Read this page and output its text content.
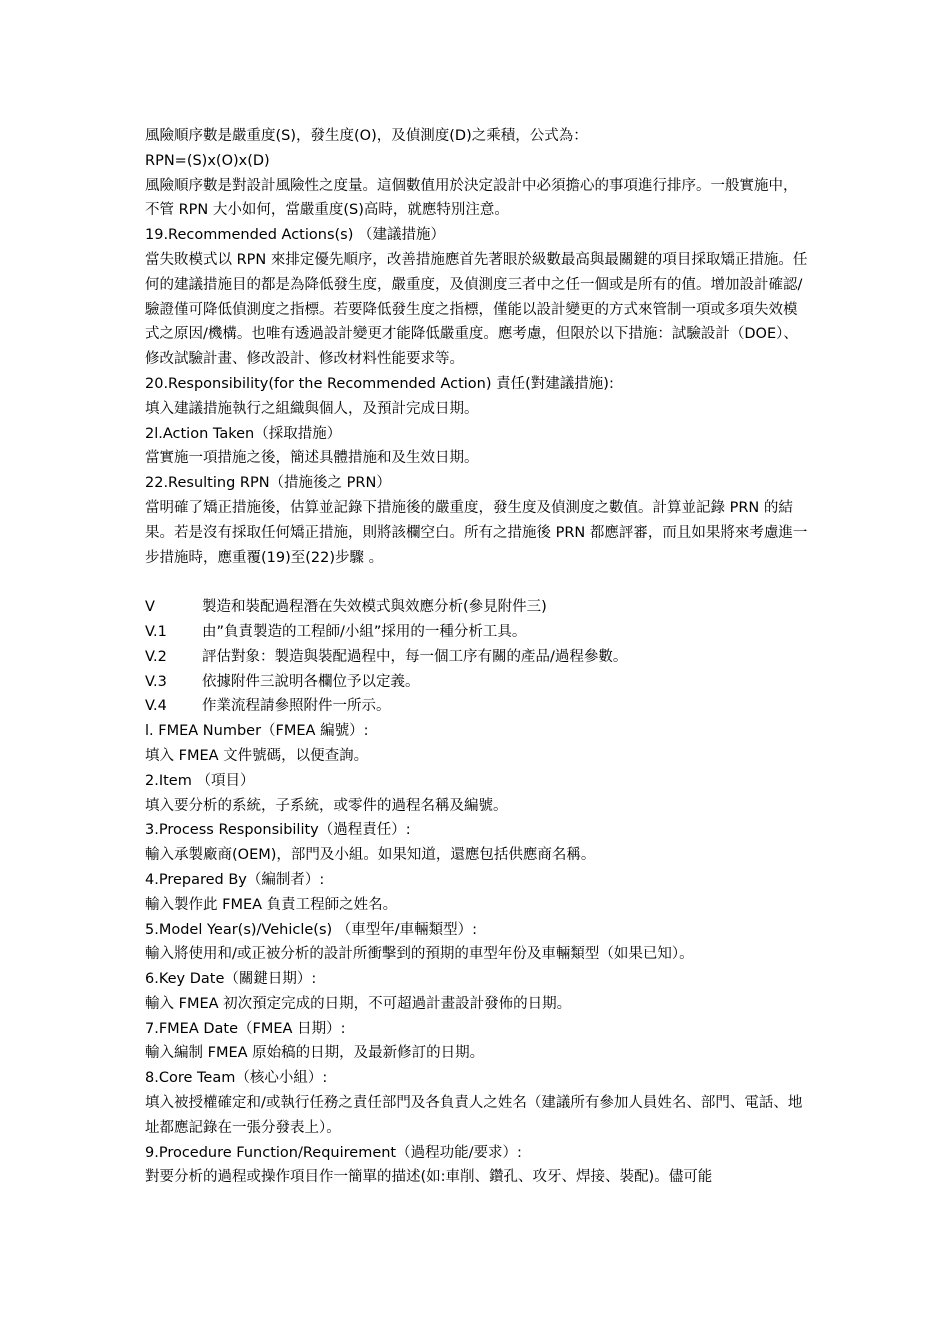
風險順序數是嚴重度(S)，發生度(O)，及偵測度(D)之乘積，公式為：

RPN=(S)x(O)x(D)

風險順序數是對設計風險性之度量。這個數值用於決定設計中必須擔心的事項進行排序。一般實施中，不管 RPN 大小如何，當嚴重度(S)高時，就應特別注意。

19.Recommended Actions(s) （建議措施）

當失敗模式以 RPN 來排定優先順序，改善措施應首先著眼於級數最高與最關鍵的項目採取矯正措施。任何的建議措施目的都是為降低發生度，嚴重度，及偵測度三者中之任一個或是所有的值。增加設計確認/驗證僅可降低偵測度之指標。若要降低發生度之指標，僅能以設計變更的方式來管制一項或多項失效模式之原因/機構。也唯有透過設計變更才能降低嚴重度。應考慮，但限於以下措施：試驗設計（DOE）、修改試驗計畫、修改設計、修改材料性能要求等。

20.Responsibility(for the Recommended Action) 責任(對建議措施):

填入建議措施執行之組織與個人，及預計完成日期。

2l.Action Taken（採取措施）

當實施一項措施之後，簡述具體措施和及生效日期。

22.Resulting RPN（措施後之 PRN）

當明確了矯正措施後，估算並記錄下措施後的嚴重度，發生度及偵測度之數值。計算並記錄 PRN 的結果。若是沒有採取任何矯正措施，則將該欄空白。所有之措施後 PRN 都應評審，而且如果將來考慮進一步措施時，應重覆(19)至(22)步驟 。

V	製造和裝配過程潛在失效模式與效應分析(參見附件三)

V.1	由”負責製造的工程師/小組”採用的一種分析工具。

V.2	評估對象：製造與裝配過程中，每一個工序有關的產品/過程參數。

V.3	依據附件三說明各欄位予以定義。

V.4	作業流程請參照附件一所示。

l. FMEA Number（FMEA 編號）:

填入 FMEA 文件號碼，以便查詢。

2.Item （項目）

填入要分析的系統，子系統，或零件的過程名稱及編號。

3.Process Responsibility（過程責任）:

輸入承製廠商(OEM)，部門及小組。如果知道，還應包括供應商名稱。

4.Prepared By（編制者）:

輸入製作此 FMEA 負責工程師之姓名。

5.Model Year(s)/Vehicle(s) （車型年/車輛類型）:

輸入將使用和/或正被分析的設計所衝擊到的預期的車型年份及車輛類型（如果已知）。

6.Key Date（關鍵日期）:

輸入 FMEA 初次預定完成的日期，不可超過計畫設計發佈的日期。

7.FMEA Date（FMEA 日期）:

輸入編制 FMEA 原始稿的日期，及最新修訂的日期。

8.Core Team（核心小組）:

填入被授權確定和/或執行任務之責任部門及各負責人之姓名（建議所有參加人員姓名、部門、電話、地址都應記錄在一張分發表上）。

9.Procedure Function/Requirement（過程功能/要求）:

對要分析的過程或操作項目作一簡單的描述(如:車削、鑽孔、攻牙、焊接、裝配)。儘可能
